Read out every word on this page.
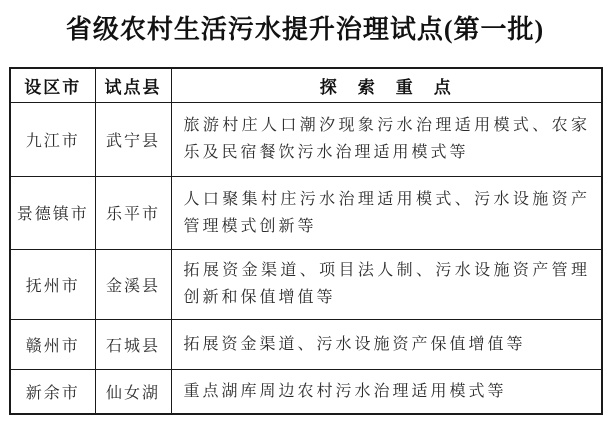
省级农村生活污水提升治理试点(第一批)
设区市	试点县	探　索　重　点
九江市	武宁县	旅游村庄人口潮汐现象污水治理适用模式、农家乐及民宿餐饮污水治理适用模式等
景德镇市	乐平市	人口聚集村庄污水治理适用模式、污水设施资产管理模式创新等
抚州市	金溪县	拓展资金渠道、项目法人制、污水设施资产管理创新和保值增值等
赣州市	石城县	拓展资金渠道、污水设施资产保值增值等
新余市	仙女湖	重点湖库周边农村污水治理适用模式等
